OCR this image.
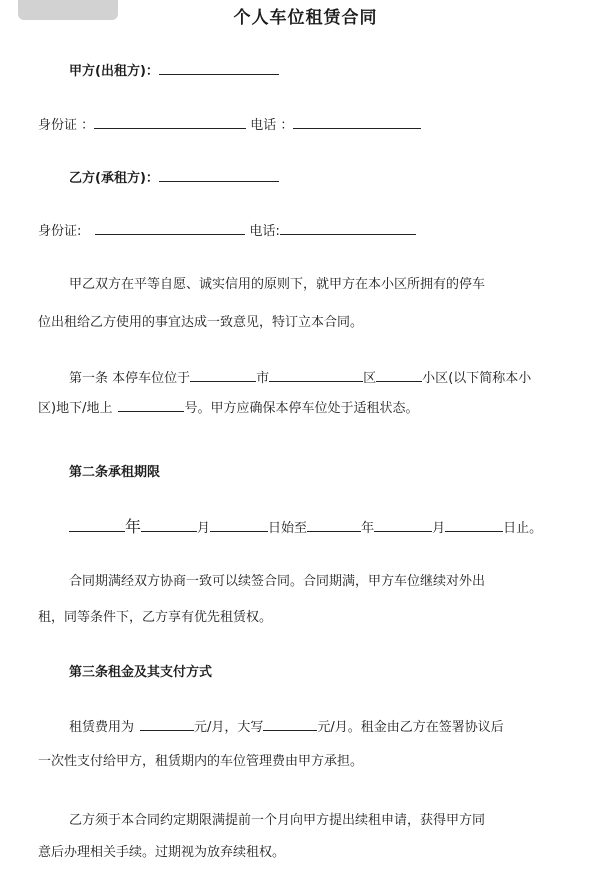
个人车位租赁合同
甲方(出租方)：
身份证 ：	电话 ：
乙方(承租方)：
身份证:	电话:
甲乙双方在平等自愿、诚实信用的原则下，就甲方在本小区所拥有的停车
位出租给乙方使用的事宜达成一致意见，特订立本合同。
第一条 本停车位位于	市	区	小区(以下简称本小
区)地下/地上	号。甲方应确保本停车位处于适租状态。
第二条承租期限
年	月	日始至	年	月	日止。
合同期满经双方协商一致可以续签合同。合同期满，甲方车位继续对外出
租，同等条件下，乙方享有优先租赁权。
第三条租金及其支付方式
租赁费用为	元/月，大写	元/月。租金由乙方在签署协议后
一次性支付给甲方，租赁期内的车位管理费由甲方承担。
乙方须于本合同约定期限满提前一个月向甲方提出续租申请，获得甲方同
意后办理相关手续。过期视为放弃续租权。
